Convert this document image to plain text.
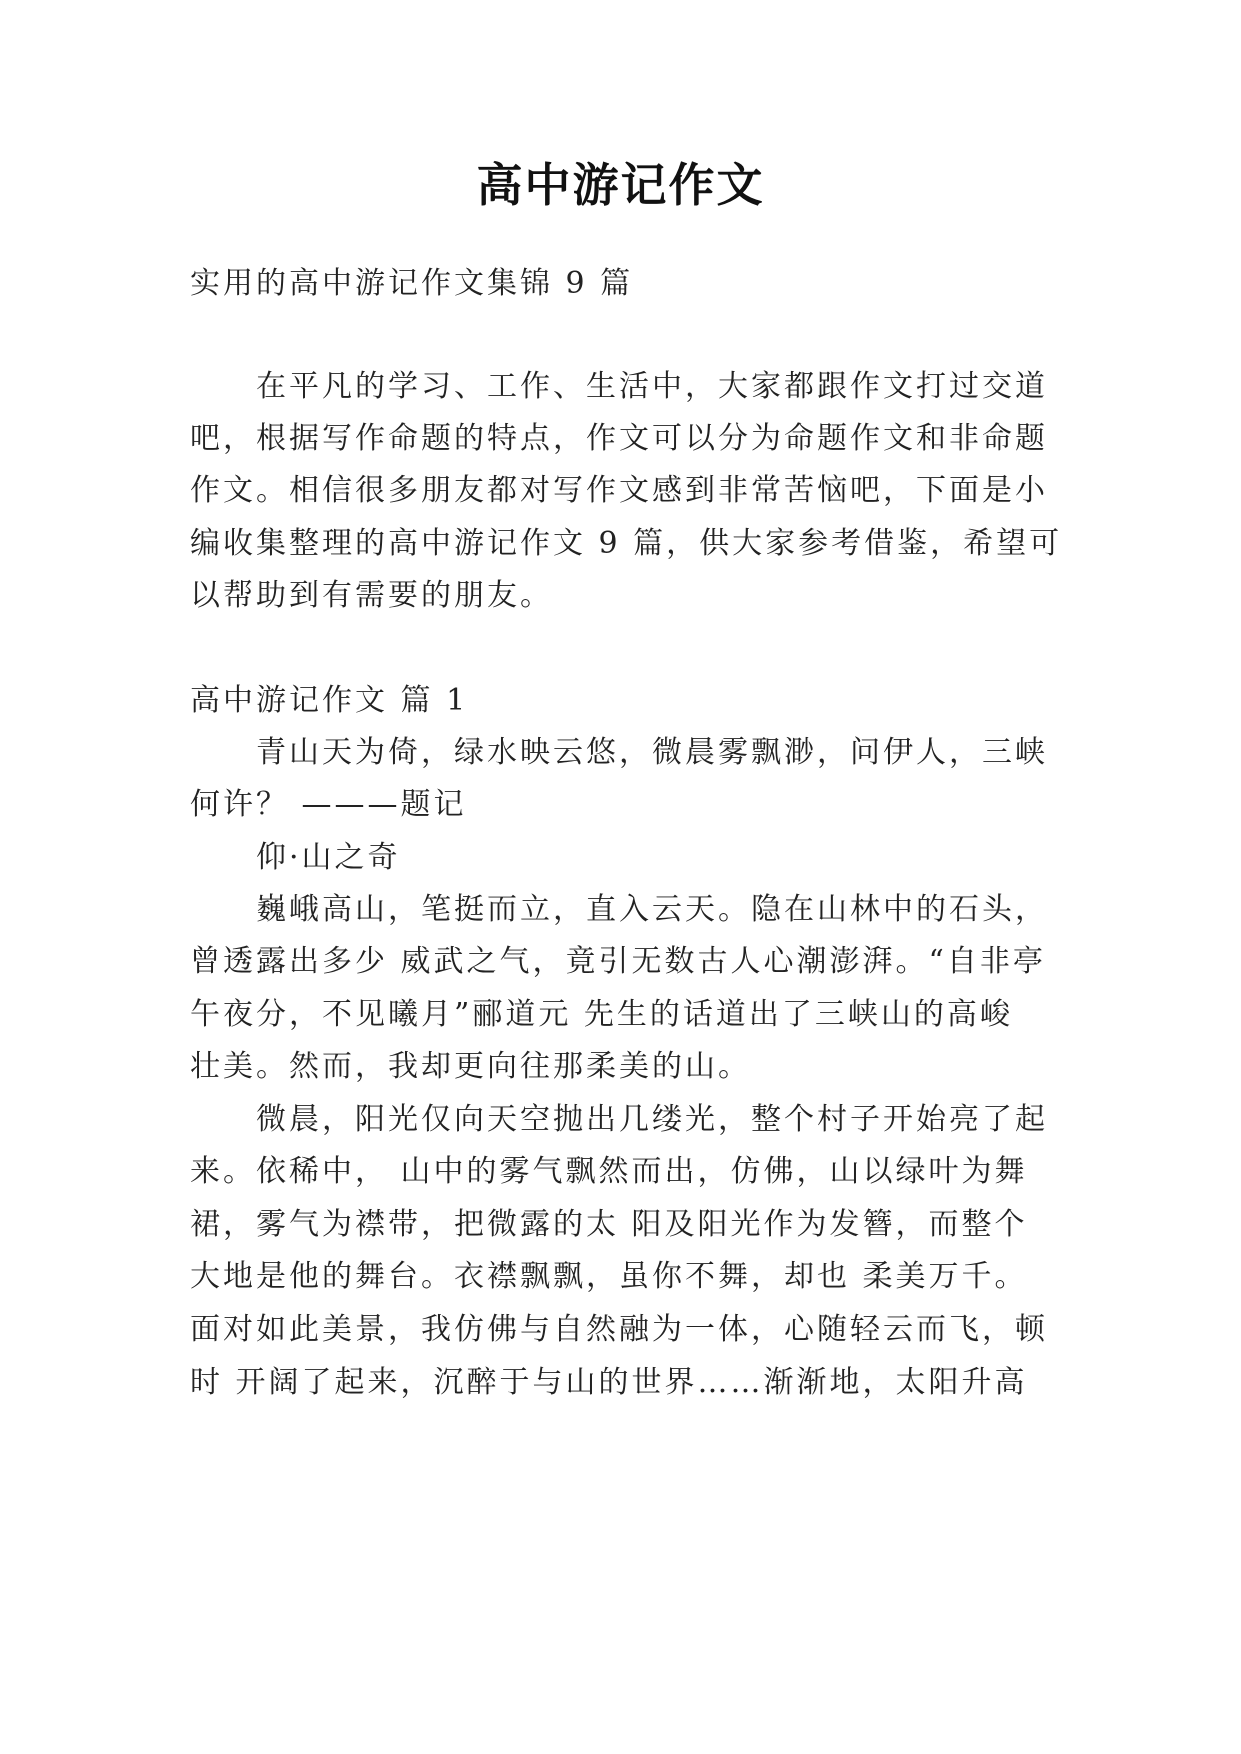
高中游记作文
实用的高中游记作文集锦 9 篇
在平凡的学习、工作、生活中，大家都跟作文打过交道
吧，根据写作命题的特点，作文可以分为命题作文和非命题
作文。相信很多朋友都对写作文感到非常苦恼吧，下面是小
编收集整理的高中游记作文 9 篇，供大家参考借鉴，希望可
以帮助到有需要的朋友。
高中游记作文 篇 1
青山天为倚，绿水映云悠，微晨雾飘渺，问伊人，三峡
何许？ ———题记
仰·山之奇
巍峨高山，笔挺而立，直入云天。隐在山林中的石头，
曾透露出多少 威武之气，竟引无数古人心潮澎湃。“自非亭
午夜分，不见曦月”郦道元 先生的话道出了三峡山的高峻
壮美。然而，我却更向往那柔美的山。
微晨，阳光仅向天空抛出几缕光，整个村子开始亮了起
来。依稀中， 山中的雾气飘然而出，仿佛，山以绿叶为舞
裙，雾气为襟带，把微露的太 阳及阳光作为发簪，而整个
大地是他的舞台。衣襟飘飘，虽你不舞，却也 柔美万千。
面对如此美景，我仿佛与自然融为一体，心随轻云而飞，顿
时 开阔了起来，沉醉于与山的世界……渐渐地，太阳升高
